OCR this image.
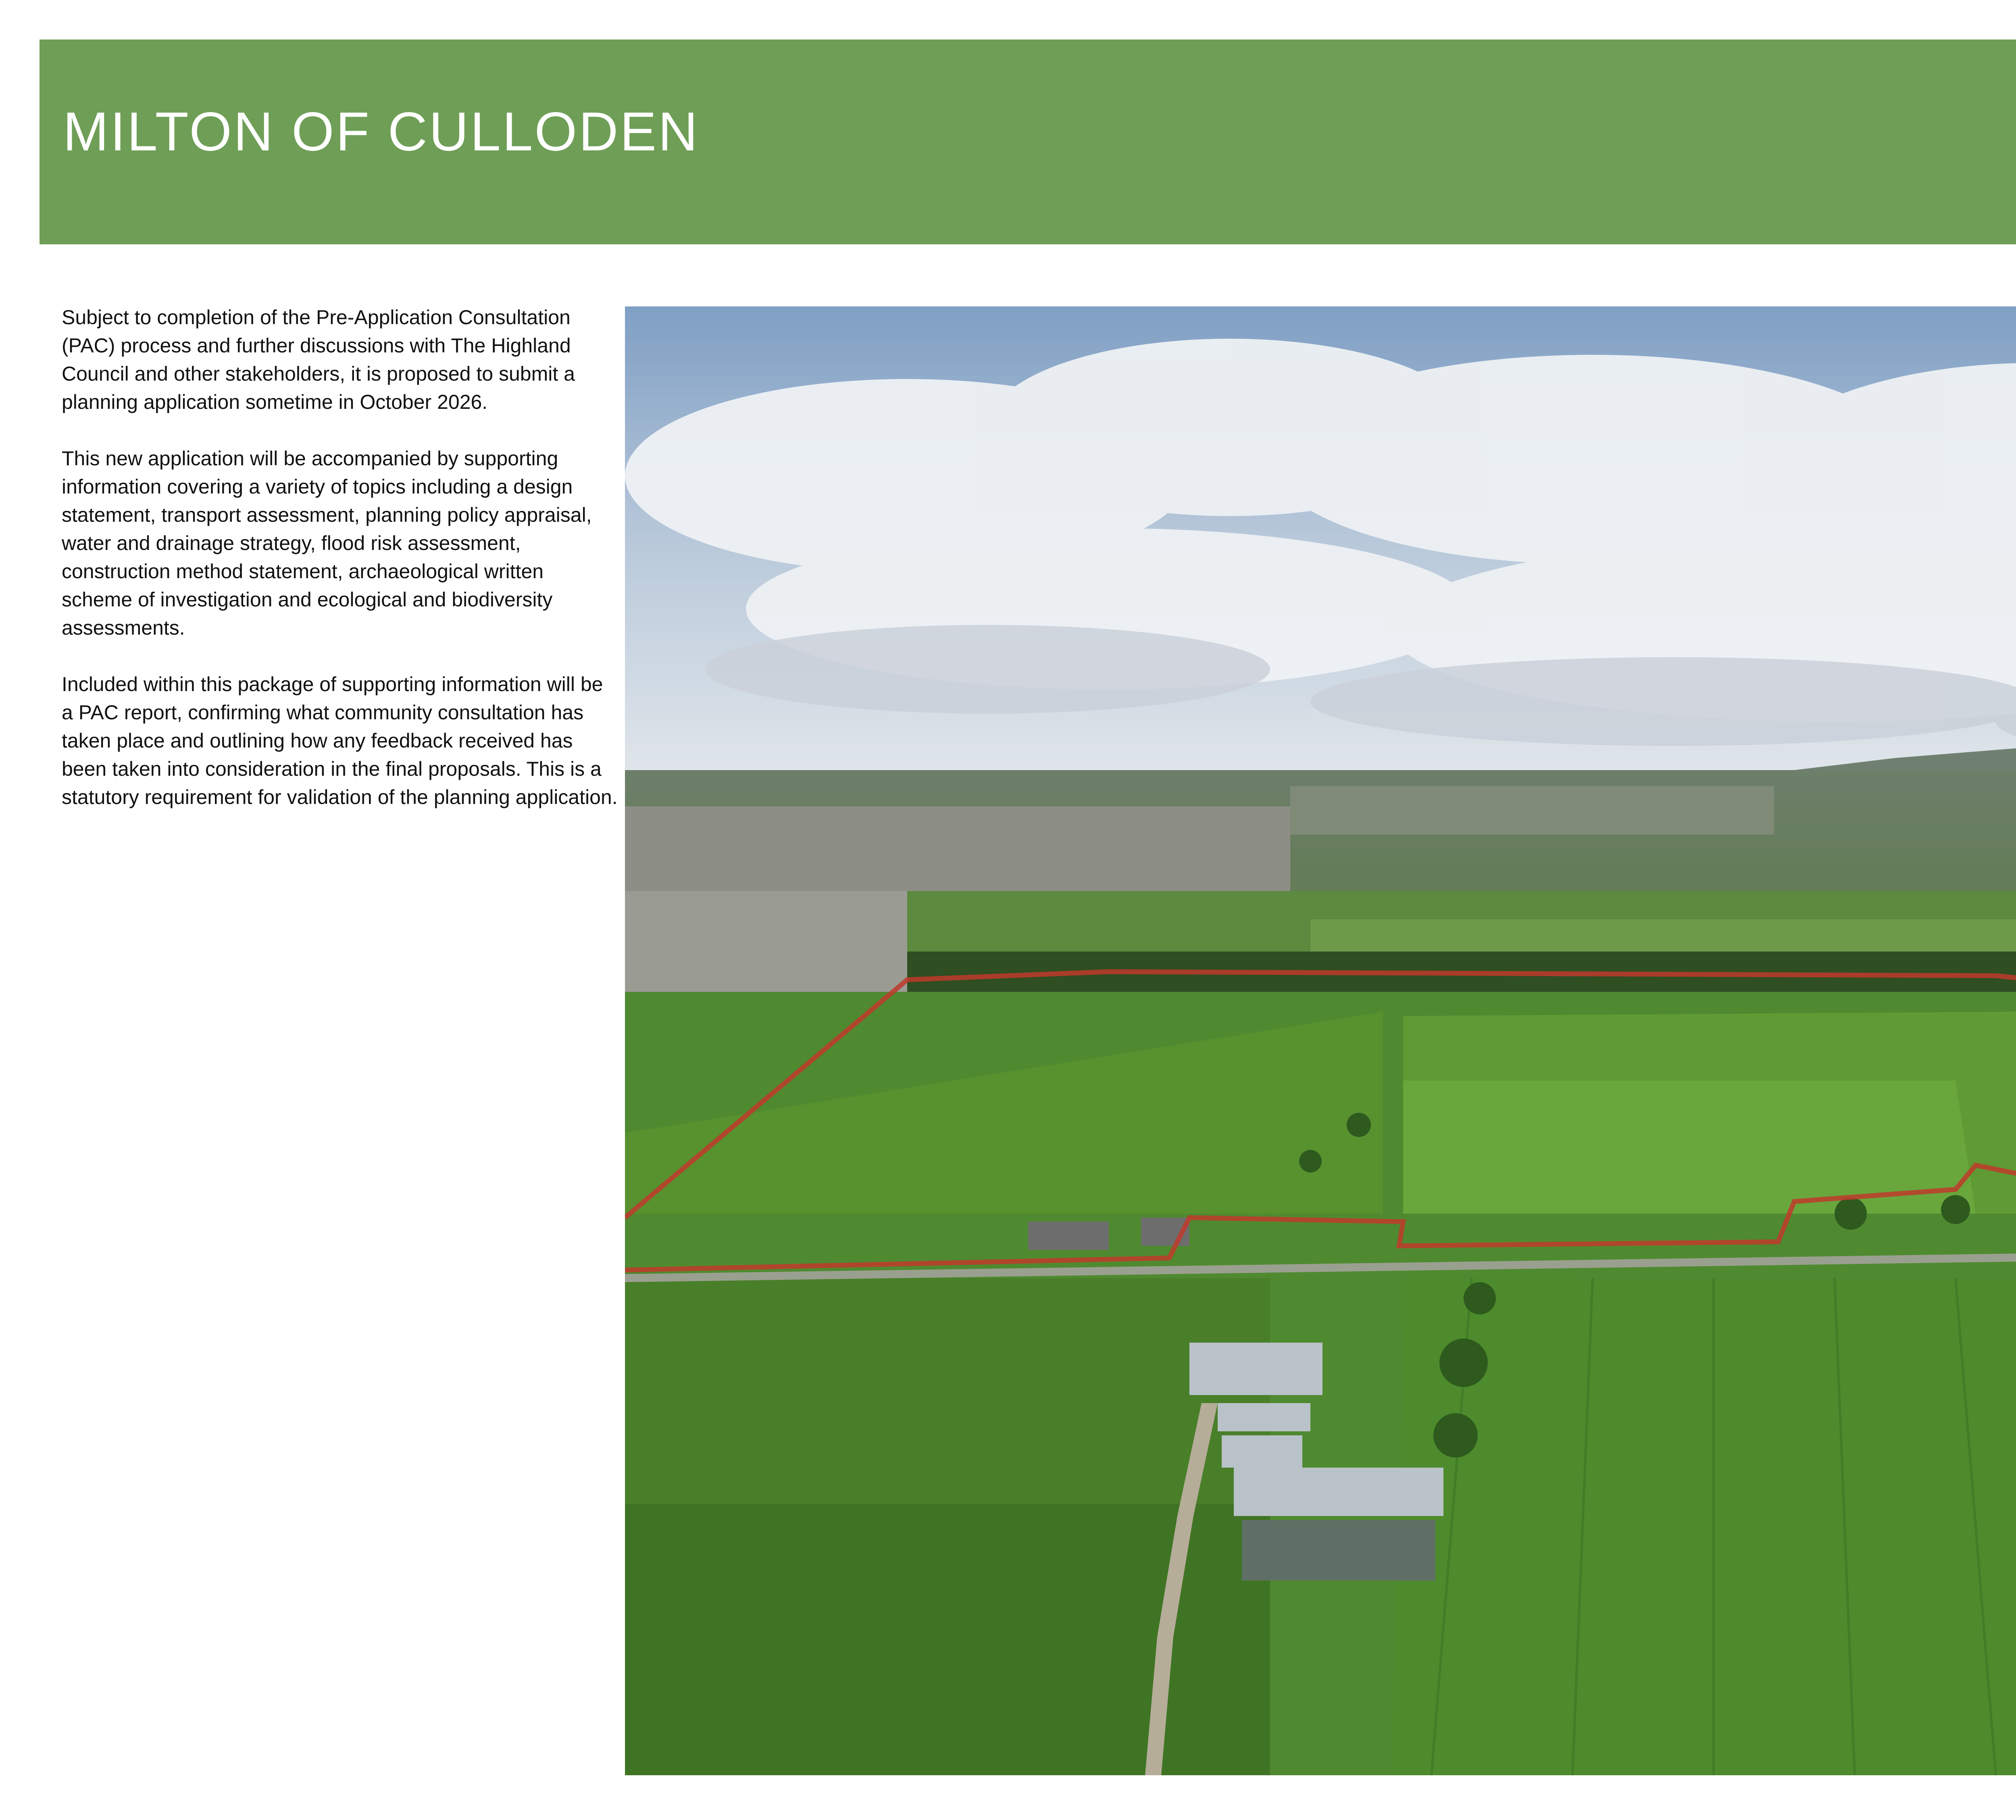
MILTON OF CULLODEN

Subject to completion of the Pre-Application Consultation (PAC) process and further discussions with The Highland Council and other stakeholders, it is proposed to submit a planning application sometime in October 2026.

This new application will be accompanied by supporting information covering a variety of topics including a design statement, transport assessment, planning policy appraisal, water and drainage strategy, flood risk assessment, construction method statement, archaeological written scheme of investigation and ecological and biodiversity assessments.

Included within this package of supporting information will be a PAC report, confirming what community consultation has taken place and outlining how any feedback received has been taken into consideration in the final proposals. This is a statutory requirement for validation of the planning application.
